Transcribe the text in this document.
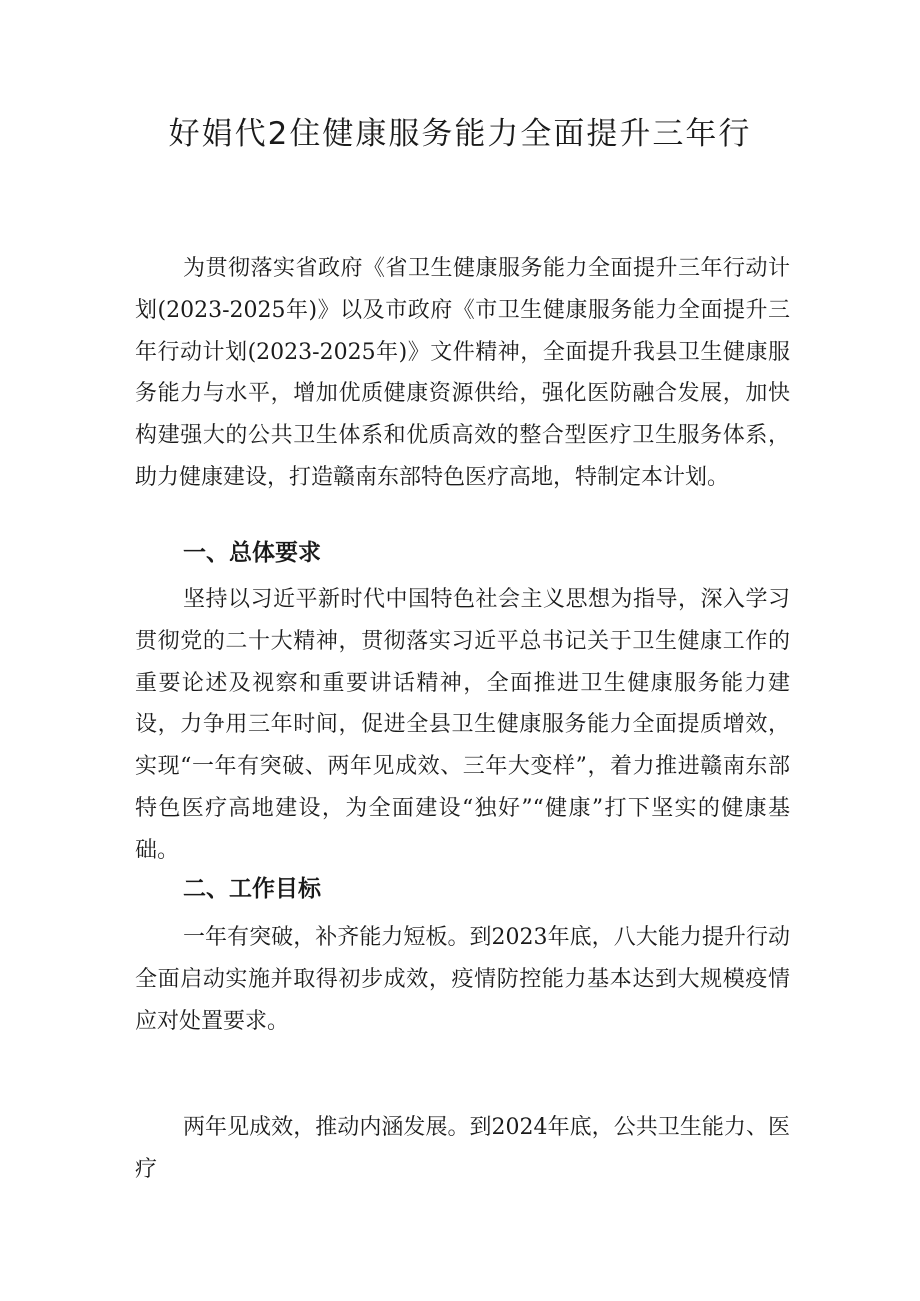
好娟代2住健康服务能力全面提升三年行

为贯彻落实省政府《省卫生健康服务能力全面提升三年行动计划(2023-2025年)》以及市政府《市卫生健康服务能力全面提升三年行动计划(2023-2025年)》文件精神，全面提升我县卫生健康服务能力与水平，增加优质健康资源供给，强化医防融合发展，加快构建强大的公共卫生体系和优质高效的整合型医疗卫生服务体系，助力健康建设，打造赣南东部特色医疗高地，特制定本计划。

一、总体要求

坚持以习近平新时代中国特色社会主义思想为指导，深入学习贯彻党的二十大精神，贯彻落实习近平总书记关于卫生健康工作的重要论述及视察和重要讲话精神，全面推进卫生健康服务能力建设，力争用三年时间，促进全县卫生健康服务能力全面提质增效，实现“一年有突破、两年见成效、三年大变样”，着力推进赣南东部特色医疗高地建设，为全面建设“独好”“健康”打下坚实的健康基础。

二、工作目标

一年有突破，补齐能力短板。到2023年底，八大能力提升行动全面启动实施并取得初步成效，疫情防控能力基本达到大规模疫情应对处置要求。

两年见成效，推动内涵发展。到2024年底，公共卫生能力、医疗
